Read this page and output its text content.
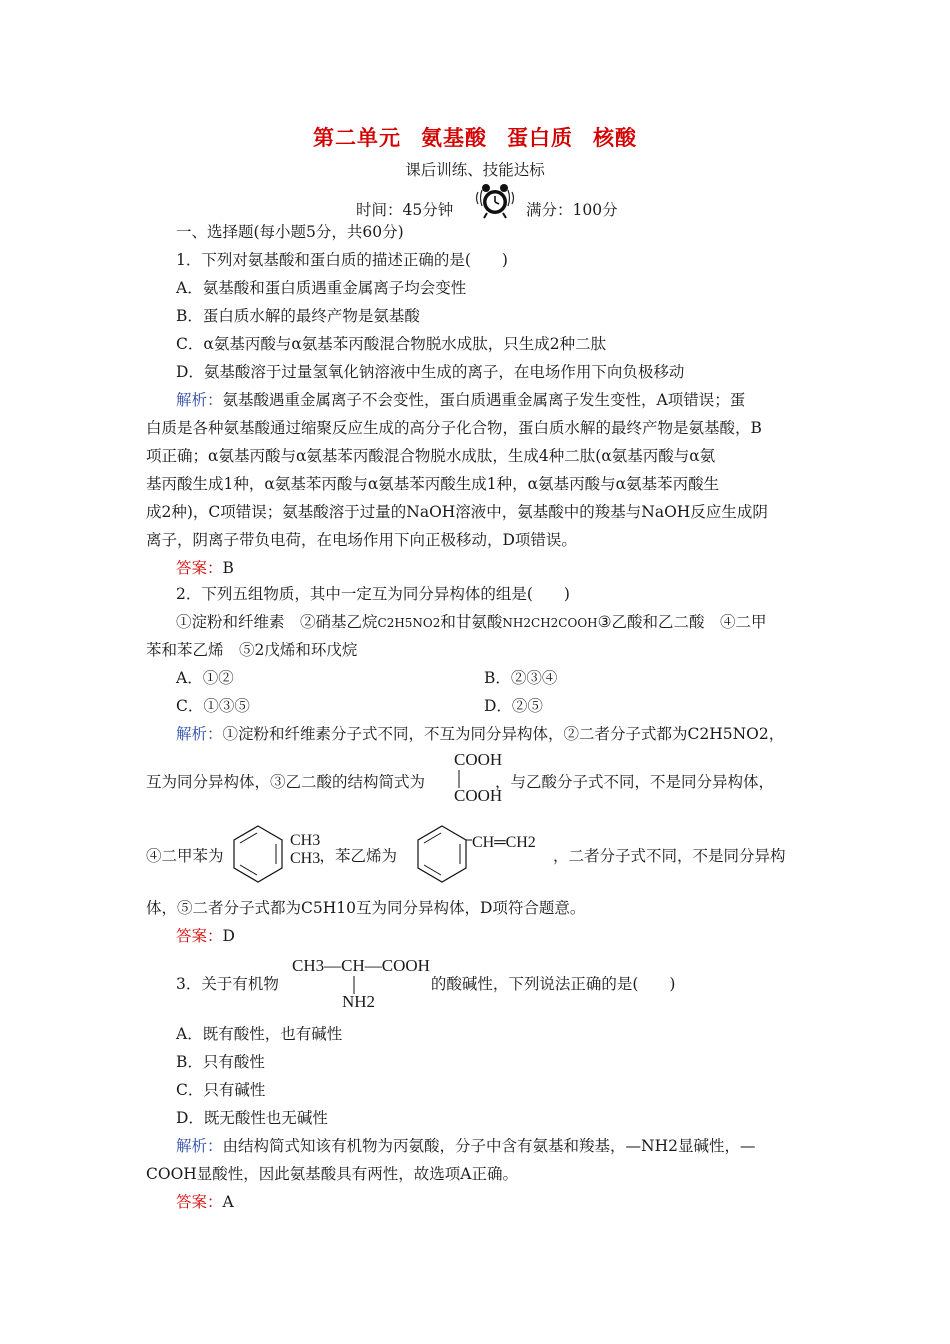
第二单元 氨基酸 蛋白质 核酸
课后训练、技能达标
时间：45分钟	满分：100分
一、选择题(每小题5分，共60分)
1．下列对氨基酸和蛋白质的描述正确的是(　　)
A．氨基酸和蛋白质遇重金属离子均会变性
B．蛋白质水解的最终产物是氨基酸
C．α氨基丙酸与α氨基苯丙酸混合物脱水成肽，只生成2种二肽
D．氨基酸溶于过量氢氧化钠溶液中生成的离子，在电场作用下向负极移动
解析：氨基酸遇重金属离子不会变性，蛋白质遇重金属离子发生变性，A项错误；蛋
白质是各种氨基酸通过缩聚反应生成的高分子化合物，蛋白质水解的最终产物是氨基酸，B
项正确；α氨基丙酸与α氨基苯丙酸混合物脱水成肽，生成4种二肽(α氨基丙酸与α氨
基丙酸生成1种，α氨基苯丙酸与α氨基苯丙酸生成1种，α氨基丙酸与α氨基苯丙酸生
成2种)，C项错误；氨基酸溶于过量的NaOH溶液中，氨基酸中的羧基与NaOH反应生成阴
离子，阴离子带负电荷，在电场作用下向正极移动，D项错误。
答案：B
2．下列五组物质，其中一定互为同分异构体的组是(　　)
①淀粉和纤维素　②硝基乙烷C2H5NO2和甘氨酸NH2CH2COOH③乙酸和乙二酸　④二甲
苯和苯乙烯　⑤2戊烯和环戊烷
A．①②	B．②③④
C．①③⑤	D．②⑤
解析：①淀粉和纤维素分子式不同，不互为同分异构体，②二者分子式都为C2H5NO2，
互为同分异构体，③乙二酸的结构简式为	，与乙酸分子式不同，不是同分异构体，
COOH
COOH
④二甲苯为	，苯乙烯为	，二者分子式不同，不是同分异构
CH3
CH3
CH═CH2
体，⑤二者分子式都为C5H10互为同分异构体，D项符合题意。
答案：D
3．关于有机物	的酸碱性，下列说法正确的是(　　)
CH3—CH—COOH
NH2
A．既有酸性，也有碱性
B．只有酸性
C．只有碱性
D．既无酸性也无碱性
解析：由结构简式知该有机物为丙氨酸，分子中含有氨基和羧基，—NH2显碱性，—
COOH显酸性，因此氨基酸具有两性，故选项A正确。
答案：A
